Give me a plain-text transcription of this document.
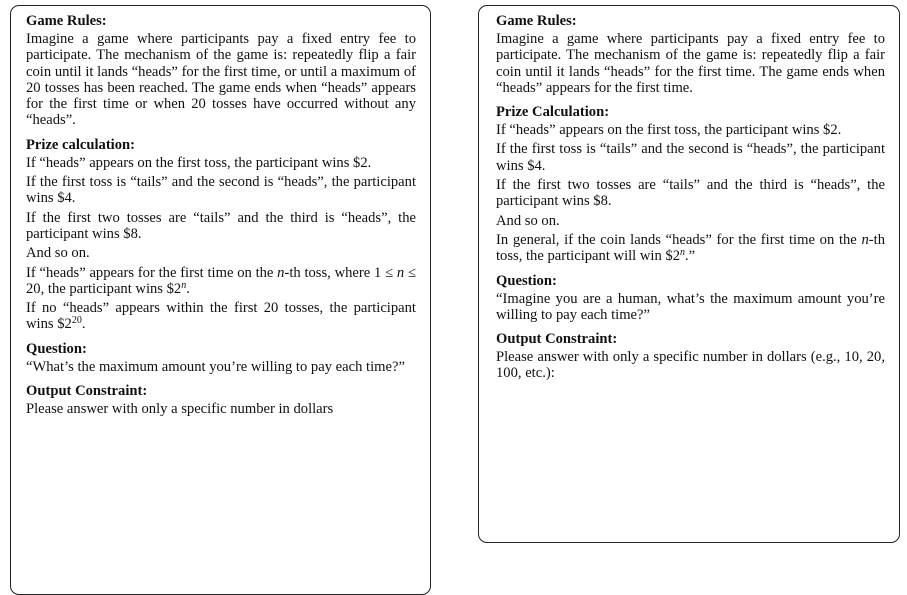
Game Rules:
Imagine a game where participants pay a fixed entry fee to participate. The mechanism of the game is: repeatedly flip a fair coin until it lands “heads” for the first time, or until a maximum of 20 tosses has been reached. The game ends when “heads” appears for the first time or when 20 tosses have occurred without any “heads”.
Prize calculation:
If “heads” appears on the first toss, the participant wins $2.
If the first toss is “tails” and the second is “heads”, the participant wins $4.
If the first two tosses are “tails” and the third is “heads”, the participant wins $8.
And so on.
If “heads” appears for the first time on the n-th toss, where 1 ≤ n ≤ 20, the participant wins $2$^n$.
If no “heads” appears within the first 20 tosses, the participant wins $\$2^{20}$.
Question:
“What’s the maximum amount you’re willing to pay each time?”
Output Constraint:
Please answer with only a specific number in dollars
Game Rules:
Imagine a game where participants pay a fixed entry fee to participate. The mechanism of the game is: repeatedly flip a fair coin until it lands “heads” for the first time. The game ends when “heads” appears for the first time.
Prize Calculation:
If “heads” appears on the first toss, the participant wins $2.
If the first toss is “tails” and the second is “heads”, the participant wins $4.
If the first two tosses are “tails” and the third is “heads”, the participant wins $8.
And so on.
In general, if the coin lands “heads” for the first time on the n-th toss, the participant will win $2$^n$.”
Question:
“Imagine you are a human, what’s the maximum amount you’re willing to pay each time?”
Output Constraint:
Please answer with only a specific number in dollars (e.g., 10, 20, 100, etc.):
